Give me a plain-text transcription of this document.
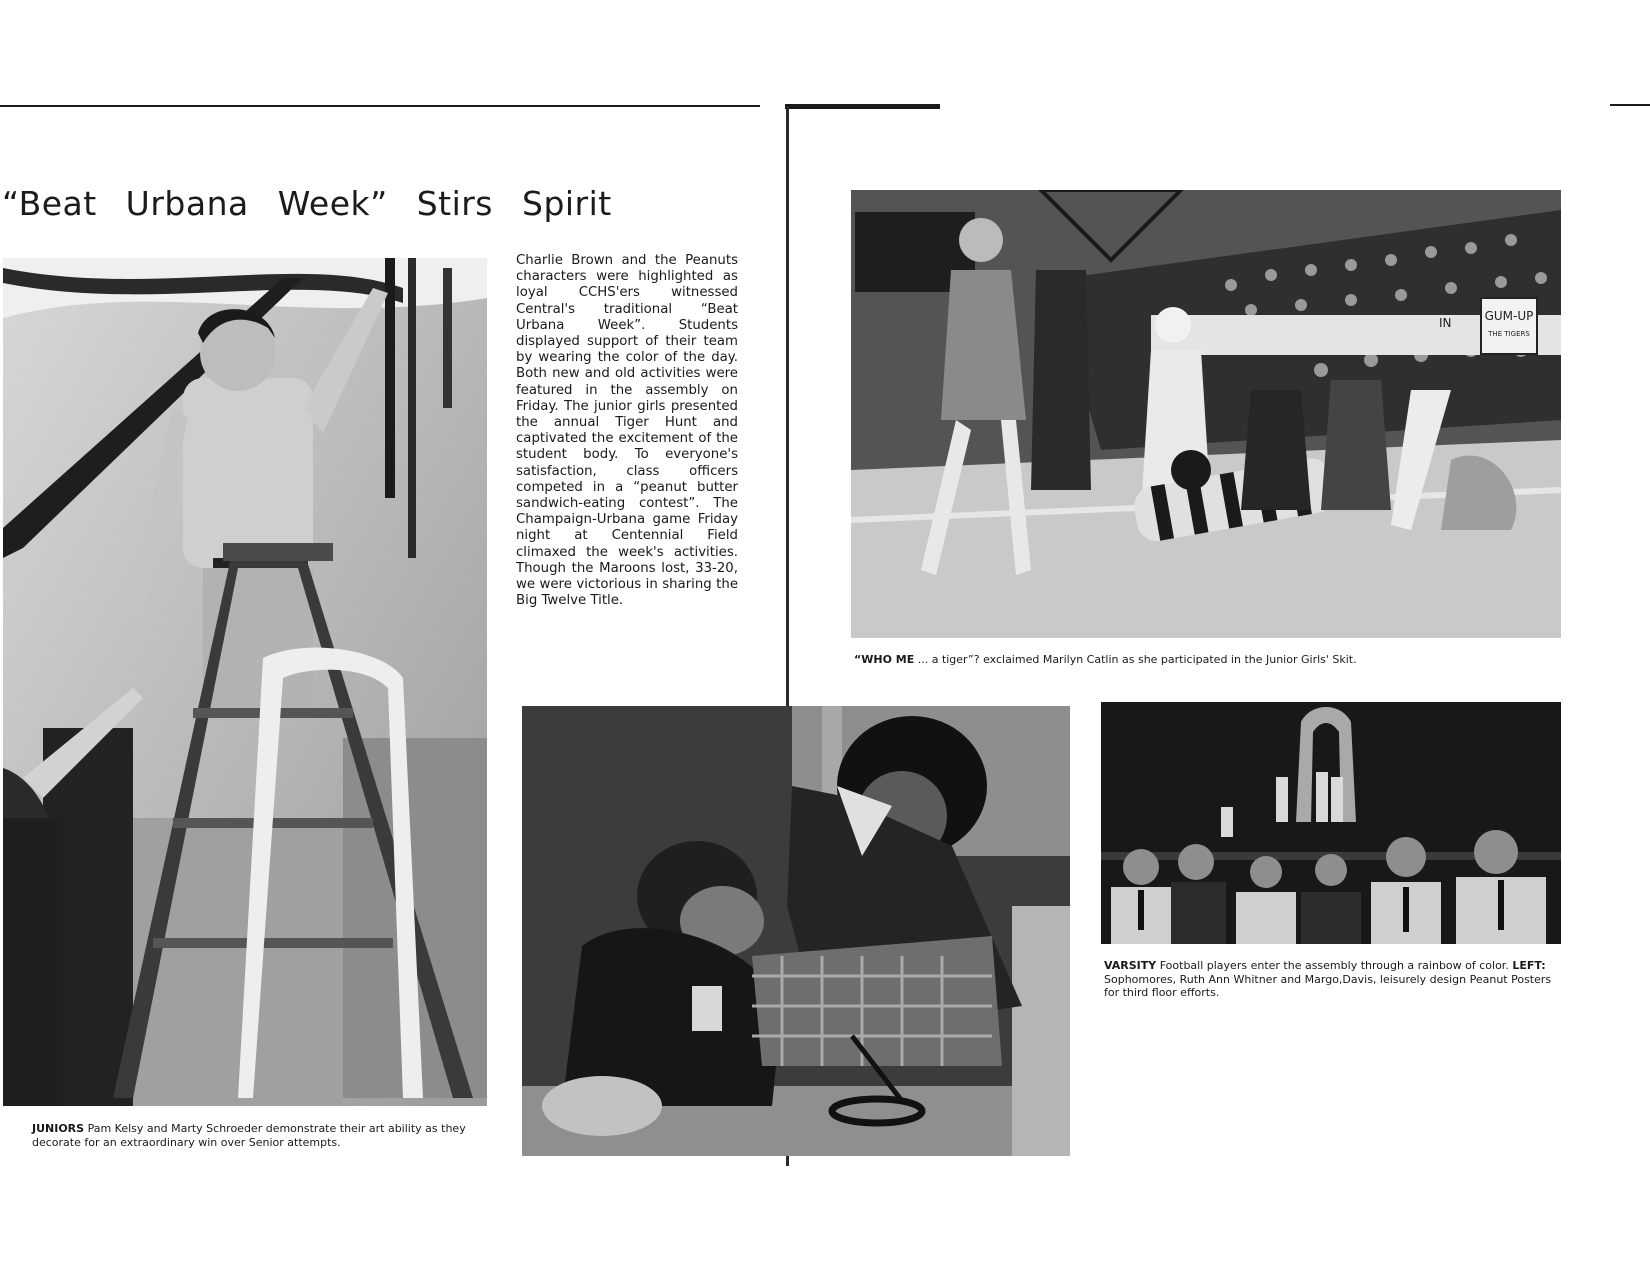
“Beat Urbana Week” Stirs Spirit
JUNIORS Pam Kelsy and Marty Schroeder demonstrate their art ability as they decorate for an extraordinary win over Senior attempts.
Charlie Brown and the Peanuts characters were highlighted as loyal CCHS'ers witnessed Central's traditional “Beat Urbana Week”. Students displayed support of their team by wearing the color of the day. Both new and old activities were featured in the assembly on Friday. The junior girls presented the annual Tiger Hunt and captivated the excitement of the student body. To everyone's satisfaction, class officers competed in a “peanut butter sandwich-eating contest”. The Champaign-Urbana game Friday night at Centennial Field climaxed the week's activities. Though the Maroons lost, 33-20, we were victorious in sharing the Big Twelve Title.
GUM-UP
THE TIGERS
IN
“WHO ME ... a tiger”? exclaimed Marilyn Catlin as she participated in the Junior Girls' Skit.
VARSITY Football players enter the assembly through a rainbow of color. LEFT: Sophomores, Ruth Ann Whitner and Margo,Davis, leisurely design Peanut Posters for third floor efforts.
